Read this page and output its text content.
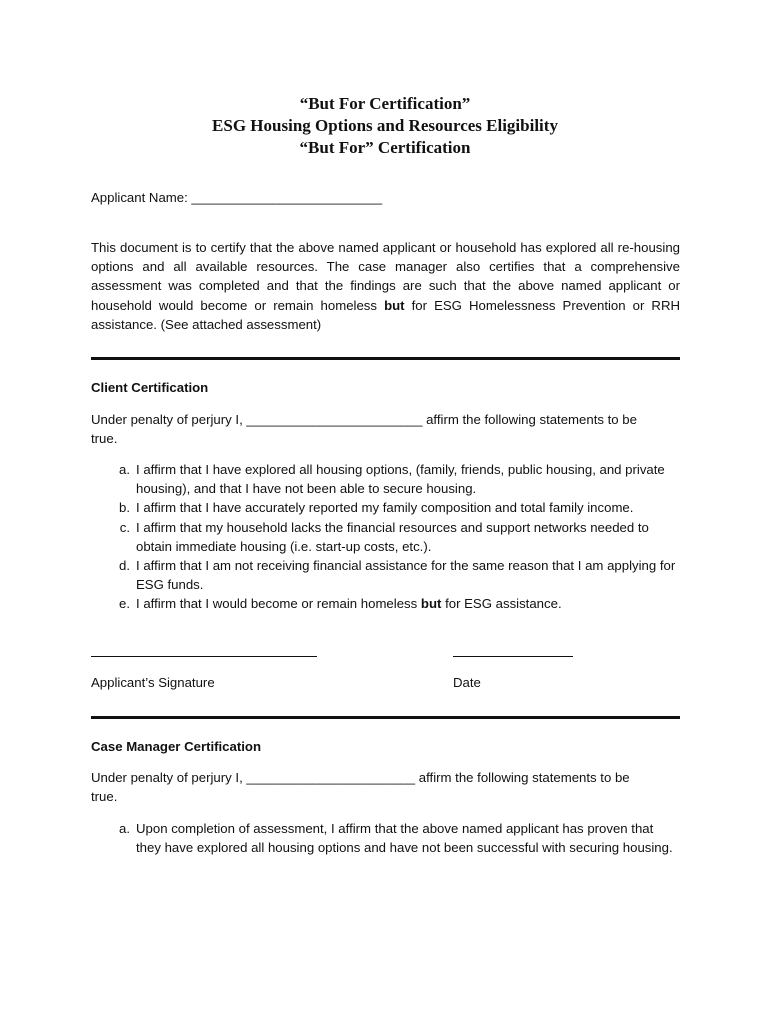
“But For Certification”
ESG Housing Options and Resources Eligibility
“But For” Certification
Applicant Name: __________________________
This document is to certify that the above named applicant or household has explored all re-housing options and all available resources. The case manager also certifies that a comprehensive assessment was completed and that the findings are such that the above named applicant or household would become or remain homeless but for ESG Homelessness Prevention or RRH assistance. (See attached assessment)
Client Certification
Under penalty of perjury I, ________________________ affirm the following statements to be
true.
a. I affirm that I have explored all housing options, (family, friends, public housing, and private housing), and that I have not been able to secure housing.
b. I affirm that I have accurately reported my family composition and total family income.
c. I affirm that my household lacks the financial resources and support networks needed to obtain immediate housing (i.e. start-up costs, etc.).
d. I affirm that I am not receiving financial assistance for the same reason that I am applying for ESG funds.
e. I affirm that I would become or remain homeless but for ESG assistance.
Applicant’s Signature	Date
Case Manager Certification
Under penalty of perjury I, _______________________ affirm the following statements to be
true.
a. Upon completion of assessment, I affirm that the above named applicant has proven that they have explored all housing options and have not been successful with securing housing.
